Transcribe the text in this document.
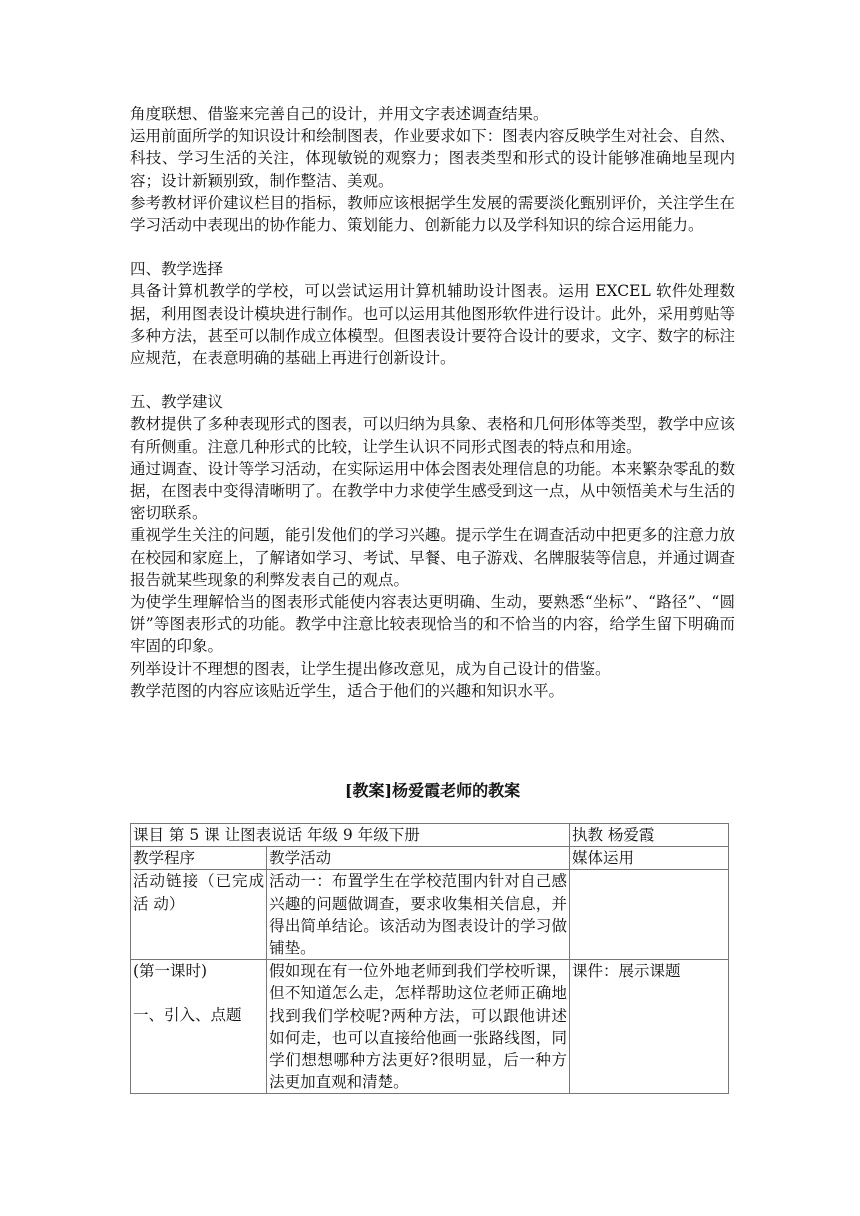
角度联想、借鉴来完善自己的设计，并用文字表述调查结果。

运用前面所学的知识设计和绘制图表，作业要求如下：图表内容反映学生对社会、自然、科技、学习生活的关注，体现敏锐的观察力；图表类型和形式的设计能够准确地呈现内容；设计新颖别致，制作整洁、美观。

参考教材评价建议栏目的指标，教师应该根据学生发展的需要淡化甄别评价，关注学生在学习活动中表现出的协作能力、策划能力、创新能力以及学科知识的综合运用能力。

四、教学选择

具备计算机教学的学校，可以尝试运用计算机辅助设计图表。运用 EXCEL 软件处理数据，利用图表设计模块进行制作。也可以运用其他图形软件进行设计。此外，采用剪贴等多种方法，甚至可以制作成立体模型。但图表设计要符合设计的要求，文字、数字的标注应规范，在表意明确的基础上再进行创新设计。

五、教学建议

教材提供了多种表现形式的图表，可以归纳为具象、表格和几何形体等类型，教学中应该有所侧重。注意几种形式的比较，让学生认识不同形式图表的特点和用途。

通过调查、设计等学习活动，在实际运用中体会图表处理信息的功能。本来繁杂零乱的数据，在图表中变得清晰明了。在教学中力求使学生感受到这一点，从中领悟美术与生活的密切联系。

重视学生关注的问题，能引发他们的学习兴趣。提示学生在调查活动中把更多的注意力放在校园和家庭上，了解诸如学习、考试、早餐、电子游戏、名牌服装等信息，并通过调查报告就某些现象的利弊发表自己的观点。

为使学生理解恰当的图表形式能使内容表达更明确、生动，要熟悉“坐标”、“路径”、“圆饼”等图表形式的功能。教学中注意比较表现恰当的和不恰当的内容，给学生留下明确而牢固的印象。

列举设计不理想的图表，让学生提出修改意见，成为自己设计的借鉴。

教学范图的内容应该贴近学生，适合于他们的兴趣和知识水平。

[教案]杨爱霞老师的教案

课目 第 5 课 让图表说话 年级 9 年级下册		执教 杨爱霞
教学程序	教学活动	媒体运用
活动链接（已完成活 动）	活动一：布置学生在学校范围内针对自己感兴趣的问题做调查，要求收集相关信息，并得出简单结论。该活动为图表设计的学习做铺垫。	

(第一课时)
一、引入、点题	假如现在有一位外地老师到我们学校听课，但不知道怎么走，怎样帮助这位老师正确地找到我们学校呢?两种方法，可以跟他讲述如何走，也可以直接给他画一张路线图，同学们想想哪种方法更好?很明显，后一种方法更加直观和清楚。	课件：展示课题
